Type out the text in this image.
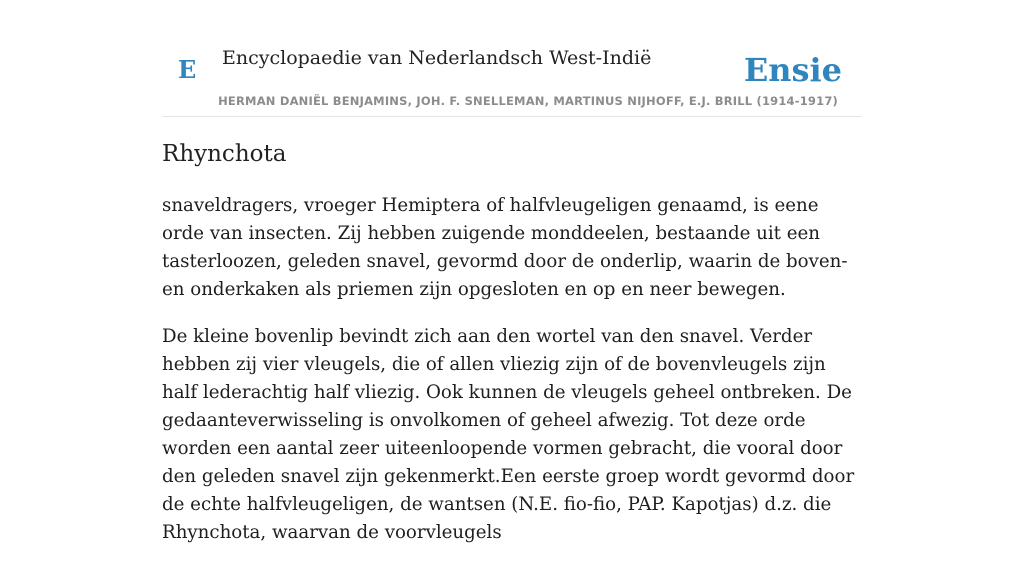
E Encyclopaedie van Nederlandsch West-Indië	Ensie
HERMAN DANIËL BENJAMINS, JOH. F. SNELLEMAN, MARTINUS NIJHOFF, E.J. BRILL (1914-1917)
Rhynchota

snaveldragers, vroeger Hemiptera of halfvleugeligen genaamd, is eene orde van insecten. Zij hebben zuigende monddeelen, bestaande uit een tasterloozen, geleden snavel, gevormd door de onderlip, waarin de boven- en onderkaken als priemen zijn opgesloten en op en neer bewegen.

De kleine bovenlip bevindt zich aan den wortel van den snavel. Verder hebben zij vier vleugels, die of allen vliezig zijn of de bovenvleugels zijn half lederachtig half vliezig. Ook kunnen de vleugels geheel ontbreken. De gedaanteverwisseling is onvolkomen of geheel afwezig. Tot deze orde worden een aantal zeer uiteenloopende vormen gebracht, die vooral door den geleden snavel zijn gekenmerkt.Een eerste groep wordt gevormd door de echte halfvleugeligen, de wantsen (N.E. fio-fio, PAP. Kapotjas) d.z. die Rhynchota, waarvan de voorvleugels
